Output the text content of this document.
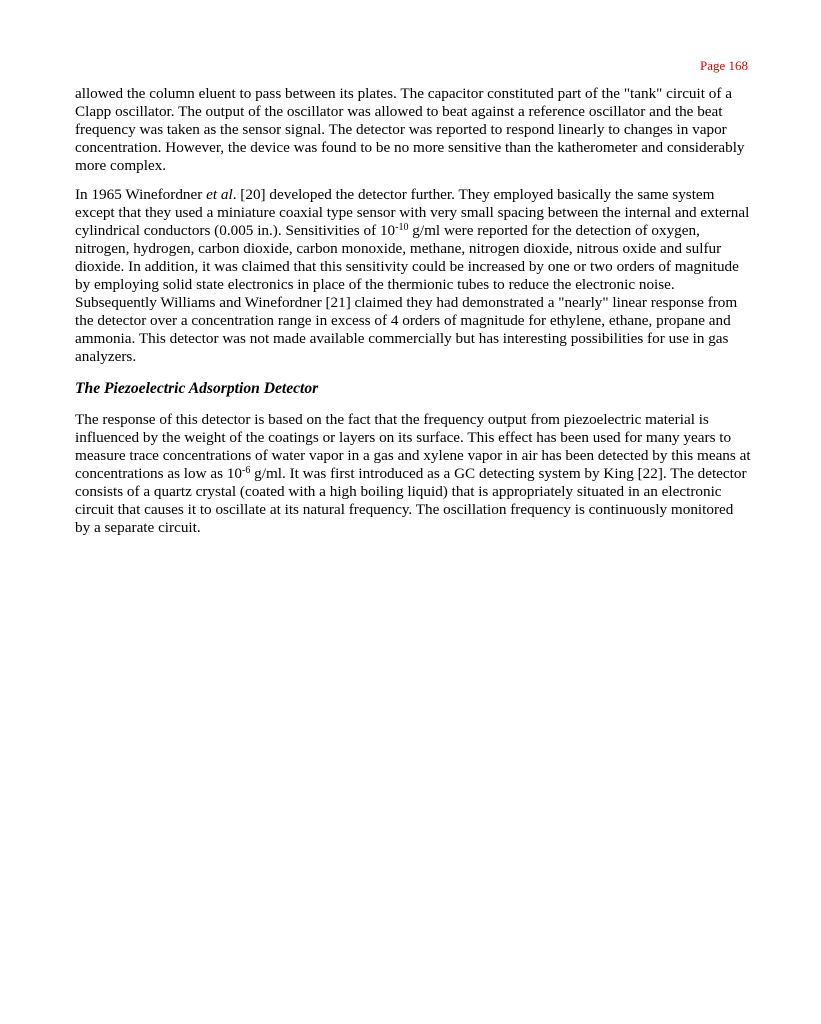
Page 168

allowed the column eluent to pass between its plates. The capacitor constituted part of the "tank" circuit of a Clapp oscillator. The output of the oscillator was allowed to beat against a reference oscillator and the beat frequency was taken as the sensor signal. The detector was reported to respond linearly to changes in vapor concentration. However, the device was found to be no more sensitive than the katherometer and considerably more complex.

In 1965 Winefordner et al. [20] developed the detector further. They employed basically the same system except that they used a miniature coaxial type sensor with very small spacing between the internal and external cylindrical conductors (0.005 in.). Sensitivities of $10^{-10}$ g/ml were reported for the detection of oxygen, nitrogen, hydrogen, carbon dioxide, carbon monoxide, methane, nitrogen dioxide, nitrous oxide and sulfur dioxide. In addition, it was claimed that this sensitivity could be increased by one or two orders of magnitude by employing solid state electronics in place of the thermionic tubes to reduce the electronic noise. Subsequently Williams and Winefordner [21] claimed they had demonstrated a "nearly" linear response from the detector over a concentration range in excess of 4 orders of magnitude for ethylene, ethane, propane and ammonia. This detector was not made available commercially but has interesting possibilities for use in gas analyzers.

The Piezoelectric Adsorption Detector

The response of this detector is based on the fact that the frequency output from piezoelectric material is influenced by the weight of the coatings or layers on its surface. This effect has been used for many years to measure trace concentrations of water vapor in a gas and xylene vapor in air has been detected by this means at concentrations as low as $10^{-6}$ g/ml. It was first introduced as a GC detecting system by King [22]. The detector consists of a quartz crystal (coated with a high boiling liquid) that is appropriately situated in an electronic circuit that causes it to oscillate at its natural frequency. The oscillation frequency is continuously monitored by a separate circuit.
